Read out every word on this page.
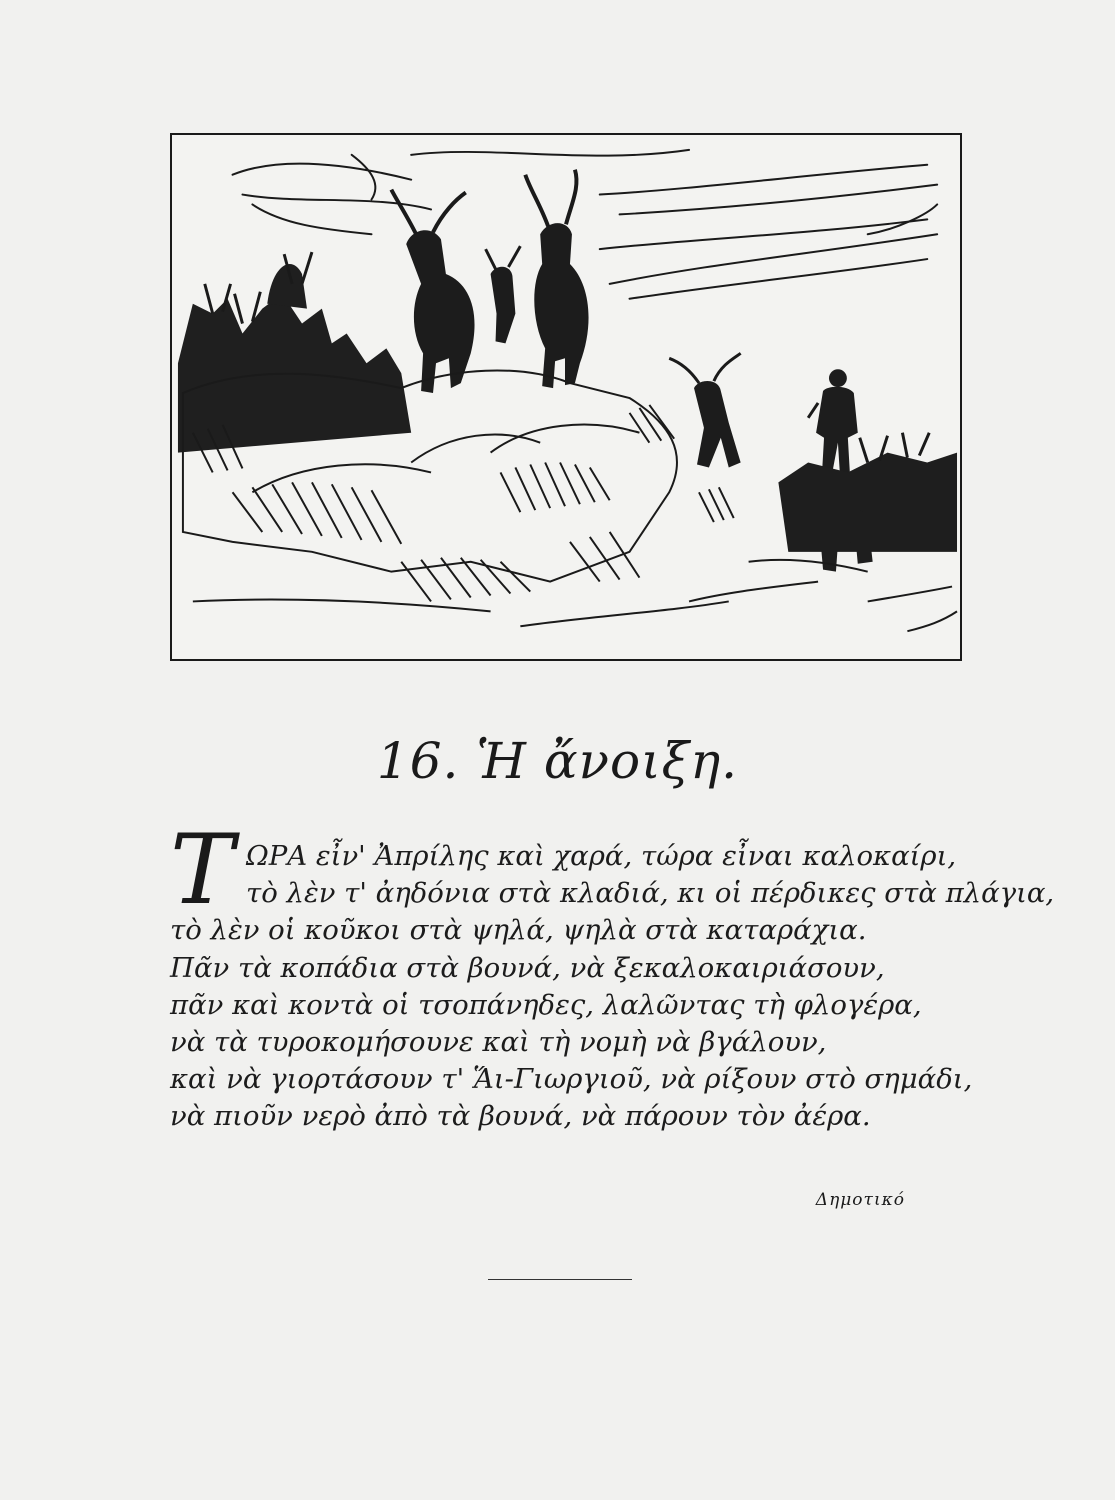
16. Ἡ ἄνοιξη.
Τ ΩΡΑ εἶν' Ἀπρίλης καὶ χαρά, τώρα εἶναι καλοκαίρι,
τὸ λὲν τ' ἀηδόνια στὰ κλαδιά, κι οἱ πέρδικες στὰ πλάγια,
τὸ λὲν οἱ κοῦκοι στὰ ψηλά, ψηλὰ στὰ καταράχια.
Πᾶν τὰ κοπάδια στὰ βουνά, νὰ ξεκαλοκαιριάσουν,
πᾶν καὶ κοντὰ οἱ τσοπάνηδες, λαλῶντας τὴ φλογέρα,
νὰ τὰ τυροκομήσουνε καὶ τὴ νομὴ νὰ βγάλουν,
καὶ νὰ γιορτάσουν τ' Ἅι-Γιωργιοῦ, νὰ ρίξουν στὸ σημάδι,
νὰ πιοῦν νερὸ ἀπὸ τὰ βουνά, νὰ πάρουν τὸν ἀέρα.
Δημοτικό
